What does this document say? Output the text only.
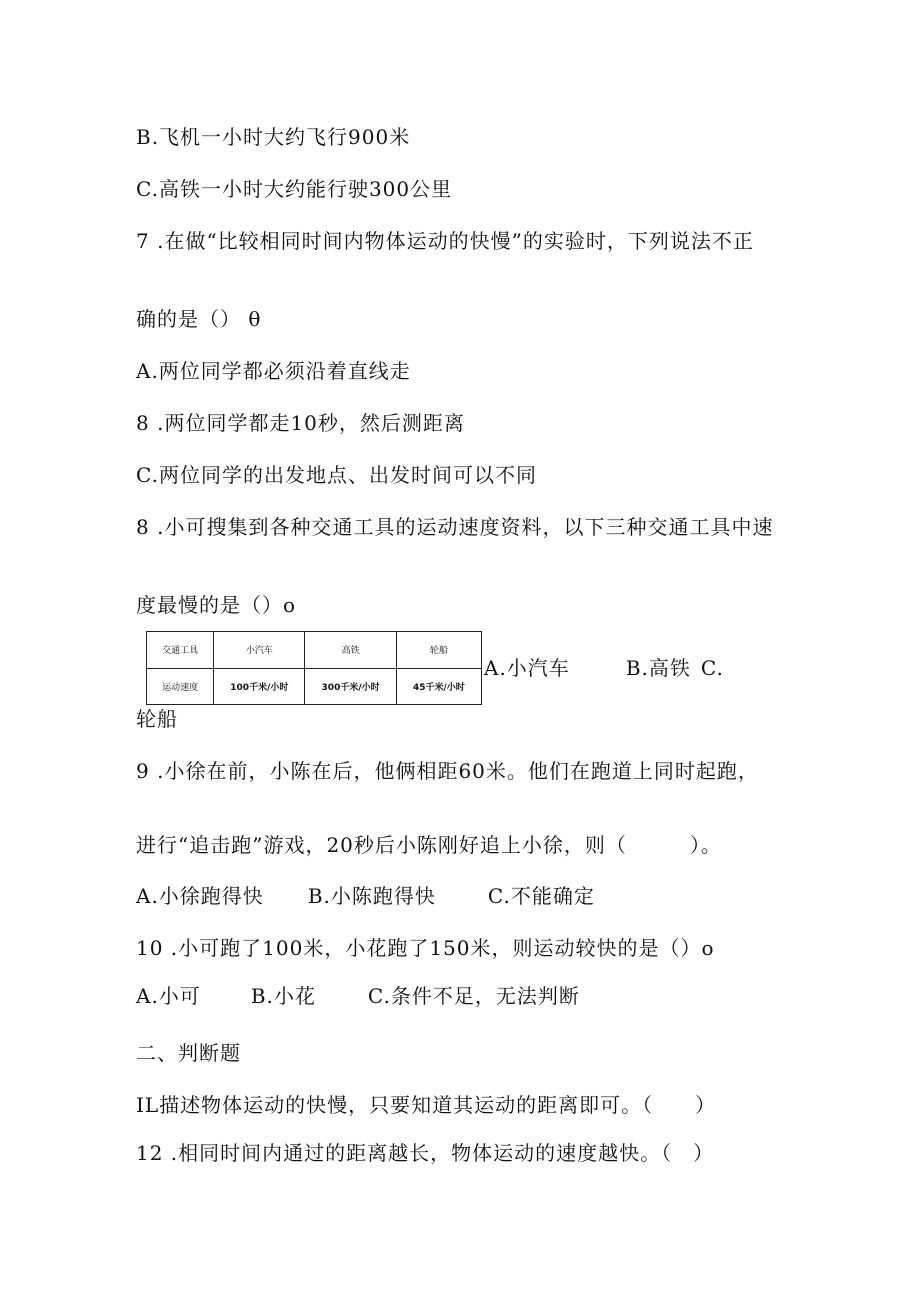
B.飞机一小时大约飞行900米
C.高铁一小时大约能行驶300公里
7 .在做“比较相同时间内物体运动的快慢”的实验时，下列说法不正
确的是（） θ
A.两位同学都必须沿着直线走
8 .两位同学都走10秒，然后测距离
C.两位同学的出发地点、出发时间可以不同
8 .小可搜集到各种交通工具的运动速度资料，以下三种交通工具中速
度最慢的是（）o
交通工具	小汽车	高铁	轮船
运动速度	100千米/小时	300千米/小时	45千米/小时
A.小汽车	B.高铁 C.
轮船
9 .小徐在前，小陈在后，他俩相距60米。他们在跑道上同时起跑，
进行“追击跑”游戏，20秒后小陈刚好追上小徐，则（　　　）。
A.小徐跑得快 B.小陈跑得快	C.不能确定
10 .小可跑了100米，小花跑了150米，则运动较快的是（）o
A.小可	B.小花	C.条件不足，无法判断
二、判断题
IL描述物体运动的快慢，只要知道其运动的距离即可。（　　）
12 .相同时间内通过的距离越长，物体运动的速度越快。（　）
